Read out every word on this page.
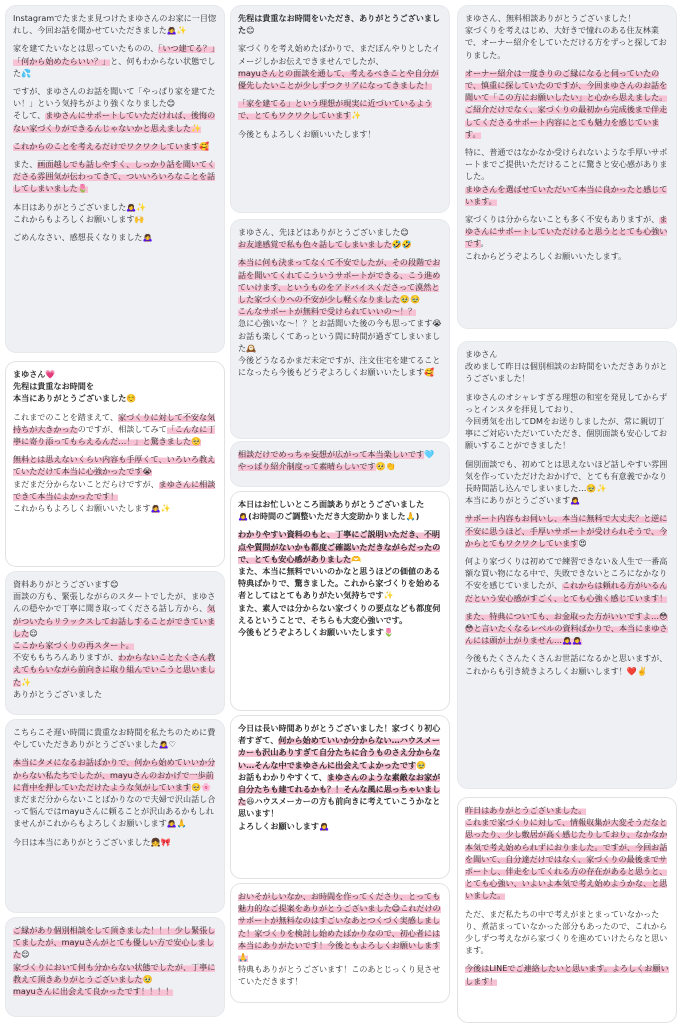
Instagramでたまたま見つけたまゆさんのお家に一目惚れし、今回お話を聞かせていただきました🙇‍♀️✨
家を建てたいなとは思っていたものの、「いつ建てる？」「何から始めたらいい？」と、何もわからない状態でした💦
ですが、まゆさんのお話を聞いて「やっぱり家を建てたい！」という気持ちがより強くなりました😊
そして、まゆさんにサポートしていただければ、後悔のない家づくりができるんじゃないかと思えました✨
これからのことを考えるだけでワクワクしています🥰
また、画面越しでも話しやすく、しっかり話を聞いてくださる雰囲気が伝わってきて、ついいろいろなことを話してしまいました🌷
本日はありがとうございました🙇‍♀️✨
これからもよろしくお願いします🙌
ごめんなさい、感想長くなりました🙇‍♀️
まゆさん💗
先程は貴重なお時間を
本当にありがとうございました☺️
これまでのことを踏まえて、家づくりに対して不安な気持ちが大きかったのですが、相談してみて「こんなに丁寧に寄り添ってもらえるんだ…！」と驚きました🥺
無料とは思えないくらい内容も手厚くて、いろいろ教えていただけて本当に心強かったです😭
まだまだ分からないことだらけですが、まゆさんに相談できて本当によかったです！
これからもよろしくお願いいたします🙇‍♀️✨
資料ありがとうございます😊
面談の方も、緊張しながらのスタートでしたが、まゆさんの穏やかで丁寧に聞き取ってくださる話し方から、気がついたらリラックスしてお話しすることができていました😌
ここから家づくりの再スタート。
不安ももちろんありますが、わからないことたくさん教えてもらいながら前向きに取り組んでいこうと思いました✨
ありがとうございました
こちらこそ遅い時間に貴重なお時間を私たちのために費やしていただきありがとうございました🙇‍♀️♡
本当にタメになるお話ばかりで、何から始めていいか分からない私たちでしたが、mayuさんのおかげで一歩前に背中を押していただけたような気がしています🥺🌸
まだまだ分からないことばかりなので夫婦で沢山話し合って悩んではmayuさんに頼ることが沢山あるかもしれませんがこれからもよろしくお願いします🙇‍♀️🙏
今日は本当にありがとうございました👧🎀
ご縁があり個別相談をして頂きました！！！少し緊張してましたが、mayuさんがとても優しい方で安心しました😌
家づくりにおいて何も分からない状態でしたが、丁寧に教えて頂きありがとうございました🥹
mayuさんに出会えて良かったです！！！！
先程は貴重なお時間をいただき、ありがとうございました😊
家づくりを考え始めたばかりで、まだぼんやりとしたイメージしかお伝えできませんでしたが、
mayuさんとの面談を通して、考えるべきことや自分が優先したいことが少しずつクリアになってきました！
「家を建てる」という理想が現実に近づいているようで、とてもワクワクしています✨
今後ともよろしくお願いいたします！
まゆさん、先ほどはありがとうございました😊
お友達感覚で私も色々話してしまいました🤣🤣
本当に何も決まってなくて不安でしたが、その段階でお話を聞いてくれてこういうサポートができる、こう進めていけます、というものをアドバイスくださって漠然とした家づくりへの不安が少し軽くなりました🥹🥹
こんなサポートが無料で受けられていいの〜！？
急に心強いな〜！？とお話聞いた後の今も思ってます😭
お話も楽しくてあっという間に時間が過ぎてしまいました🕰️
今後どうなるかまだ未定ですが、注文住宅を建てることになったら今後もどうぞよろしくお願いいたします🥰
相談だけでめっちゃ妄想が広がって本当楽しいです🩵
やっぱり紹介制度って素晴らしいです🥺👏
本日はお忙しいところ面談ありがとうございました🙇‍♀️(お時間のご調整いただき大変助かりました🙏)
わかりやすい資料のもと、丁寧にご説明いただき、不明点や質問がないかも都度ご確認いただきながらだったので、とても安心感がありました🫶
また、本当に無料でいいのかなと思うほどの価値のある特典ばかりで、驚きました。これから家づくりを始める者としてはとてもありがたい気持ちです✨
また、素人では分からない家づくりの要点なども都度伺えるということで、そちらも大変心強いです。
今後もどうぞよろしくお願いいたします🌷
今日は長い時間ありがとうございました！家づくり初心者すぎて、何から始めていいか分からない…ハウスメーカーも沢山ありすぎて自分たちに合うものさえ分からない…そんな中でまゆさんに出会えてよかったです🥹
お話もわかりやすくて、まゆさんのような素敵なお家が自分たちも建てれるかも？！そんな風に思っちゃいました😆ハウスメーカーの方も前向きに考えていこうかなと思います！
よろしくお願いします🙇‍♀️
おいそがしいなか、お時間を作ってくださり、とっても魅力的なご提案をありがとうございました😊これだけのサポートが無料なのはすごいなあとつくづく実感しました！家づくりを検討し始めたばかりなので、初心者には本当にありがたいです！今後ともよろしくお願いします🙏
特典もありがとうございます！このあとじっくり見させていただきます！
まゆさん、無料相談ありがとうございました！
家づくりを考えはじめ、大好きで憧れのある住友林業で、オーナー紹介をしていただける方をずっと探しておりました。
オーナー紹介は一度きりのご縁になると伺っていたので、慎重に探していたのですが、今回まゆさんのお話を聞いて「この方にお願いしたい」と心から思えました。
ご紹介だけでなく、家づくりの最初から完成後まで伴走してくださるサポート内容にとても魅力を感じています。
特に、普通ではなかなか受けられないような手厚いサポートまでご提供いただけることに驚きと安心感がありました。
まゆさんを選ばせていただいて本当に良かったと感じています。
家づくりは分からないことも多く不安もありますが、まゆさんにサポートしていただけると思うととても心強いです。
これからどうぞよろしくお願いいたします。
まゆさん
改めまして昨日は個別相談のお時間をいただきありがとうございました！
まゆさんのオシャレすぎる理想の和室を発見してからずっとインスタを拝見しており、
今回勇気を出してDMをお送りしましたが、常に親切丁寧にご対応いただいていただき、個別面談も安心してお願いすることができました！
個別面談でも、初めてとは思えないほど話しやすい雰囲気を作っていただけたおかげで、とても有意義でかなり長時間話し込んでしまいました…🥹✨
本当にありがとうございます🙇‍♀️
サポート内容もお伺いし、本当に無料で大丈夫？と逆に不安に思うほど、手厚いサポートが受けられそうで、今からとてもワクワクしています😍
何より家づくりは初めてで練習できない＆人生で一番高額な買い物になる中で、失敗できないところになかなり不安を感じていましたが、これからは頼れる方がいるんだという安心感がすごく、とても心強く感じています！
また、特典についても、お金取った方がいいですよ…😳😳と言いたくなるレベルの資料ばかりで、本当にまゆさんには頭が上がりません…🙇‍♀️🙇‍♀️
今後もたくさんたくさんお世話になるかと思いますが、これからも引き続きよろしくお願いします！❤️✌️
昨日はありがとうございました。
これまで家づくりに対して、情報収集が大変そうだなと思ったり、少し敷居が高く感じたりしており、なかなか本気で考え始められずにおりました。ですが、今回お話を聞いて、自分達だけではなく、家づくりの最後までサポートし、伴走をしてくれる方の存在があると思うと、とても心強い、いよいよ本気で考え始めようかな、と思いました。
ただ、まだ私たちの中で考えがまとまっていなかったり、煮詰まっていなかった部分もあったので、これから少しずつ考えながら家づくりを進めていけたらなと思います。
今後はLINEでご連絡したいと思います。よろしくお願いします！
